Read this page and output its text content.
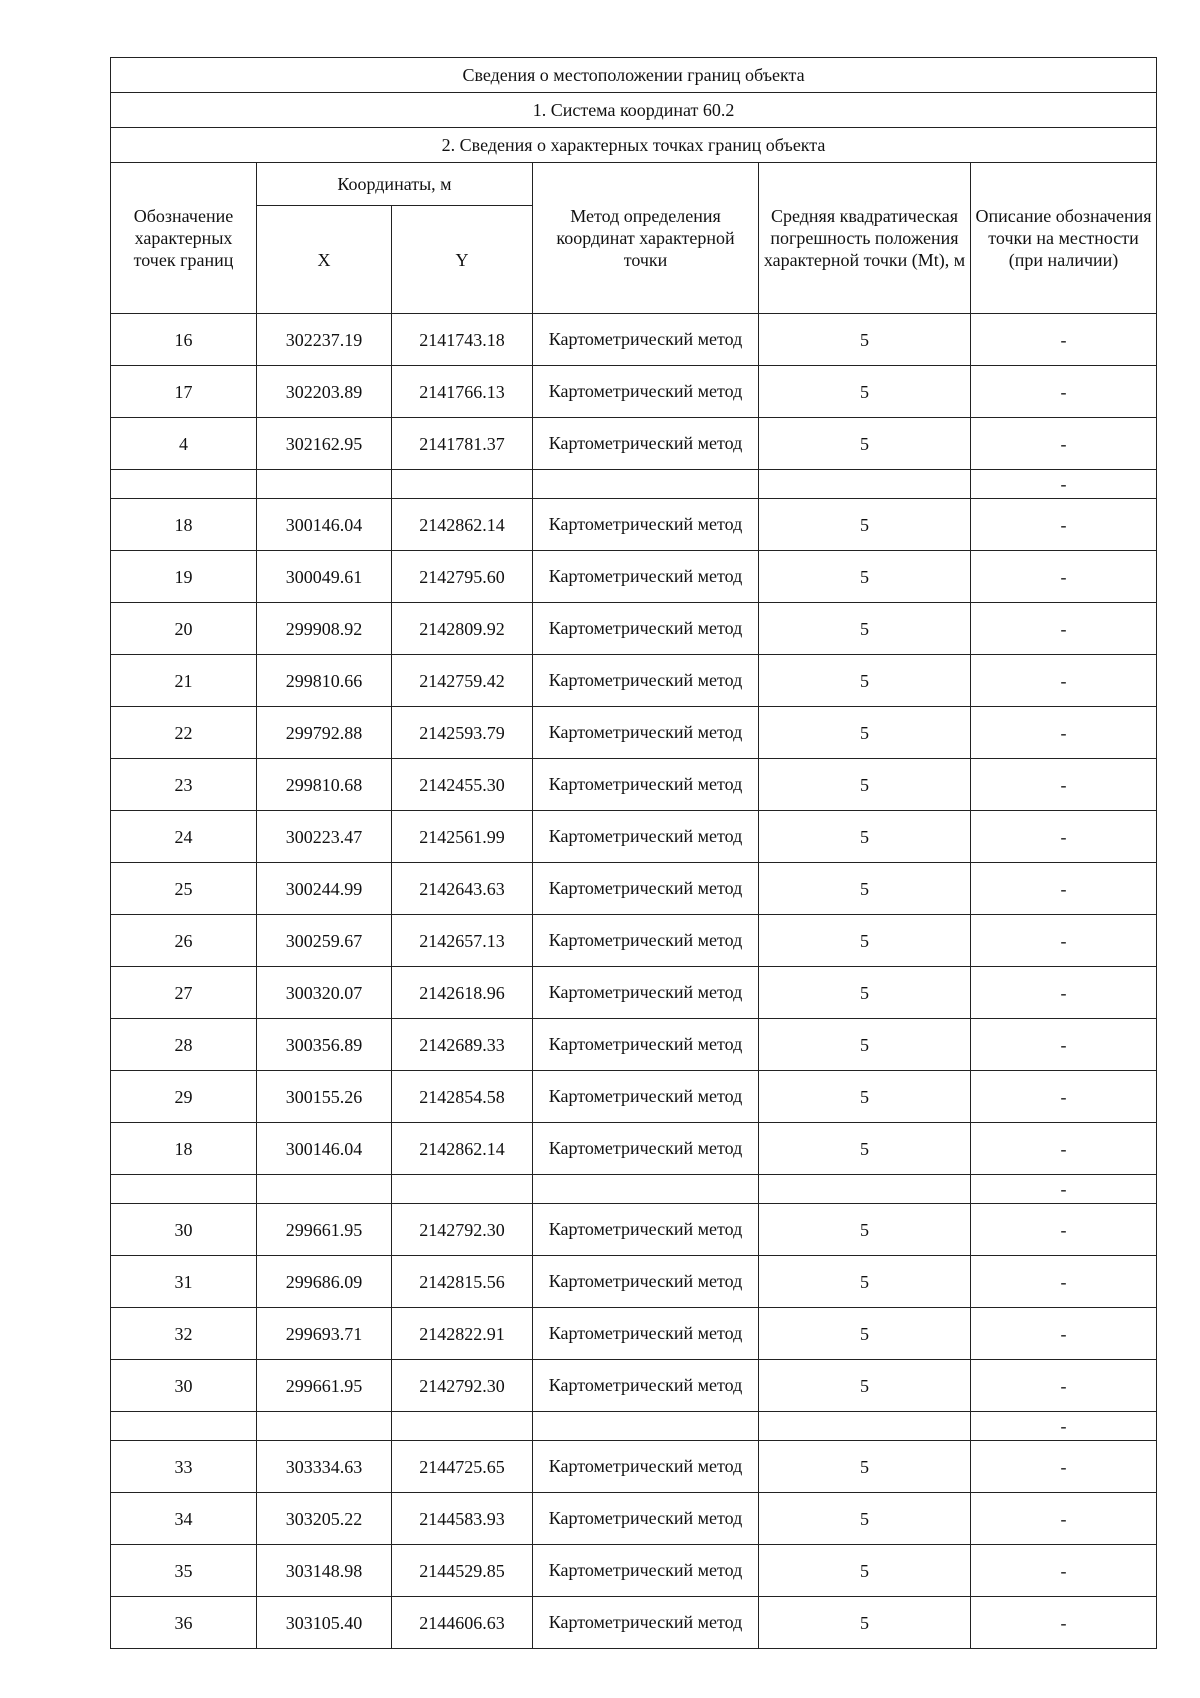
Сведения о местоположении границ объекта					
1. Система координат 60.2					
2. Сведения о характерных точках границ объекта					
Обозначение характерных точек границ	Координаты, м		Метод определения координат характерной точки	Средняя квадратическая погрешность положения характерной точки (Mt), м	Описание обозначения точки на местности (при наличии)
	X	Y			
16	302237.19	2141743.18	Картометрический метод	5	-
17	302203.89	2141766.13	Картометрический метод	5	-
4	302162.95	2141781.37	Картометрический метод	5	-
					-
18	300146.04	2142862.14	Картометрический метод	5	-
19	300049.61	2142795.60	Картометрический метод	5	-
20	299908.92	2142809.92	Картометрический метод	5	-
21	299810.66	2142759.42	Картометрический метод	5	-
22	299792.88	2142593.79	Картометрический метод	5	-
23	299810.68	2142455.30	Картометрический метод	5	-
24	300223.47	2142561.99	Картометрический метод	5	-
25	300244.99	2142643.63	Картометрический метод	5	-
26	300259.67	2142657.13	Картометрический метод	5	-
27	300320.07	2142618.96	Картометрический метод	5	-
28	300356.89	2142689.33	Картометрический метод	5	-
29	300155.26	2142854.58	Картометрический метод	5	-
18	300146.04	2142862.14	Картометрический метод	5	-
					-
30	299661.95	2142792.30	Картометрический метод	5	-
31	299686.09	2142815.56	Картометрический метод	5	-
32	299693.71	2142822.91	Картометрический метод	5	-
30	299661.95	2142792.30	Картометрический метод	5	-
					-
33	303334.63	2144725.65	Картометрический метод	5	-
34	303205.22	2144583.93	Картометрический метод	5	-
35	303148.98	2144529.85	Картометрический метод	5	-
36	303105.40	2144606.63	Картометрический метод	5	-
